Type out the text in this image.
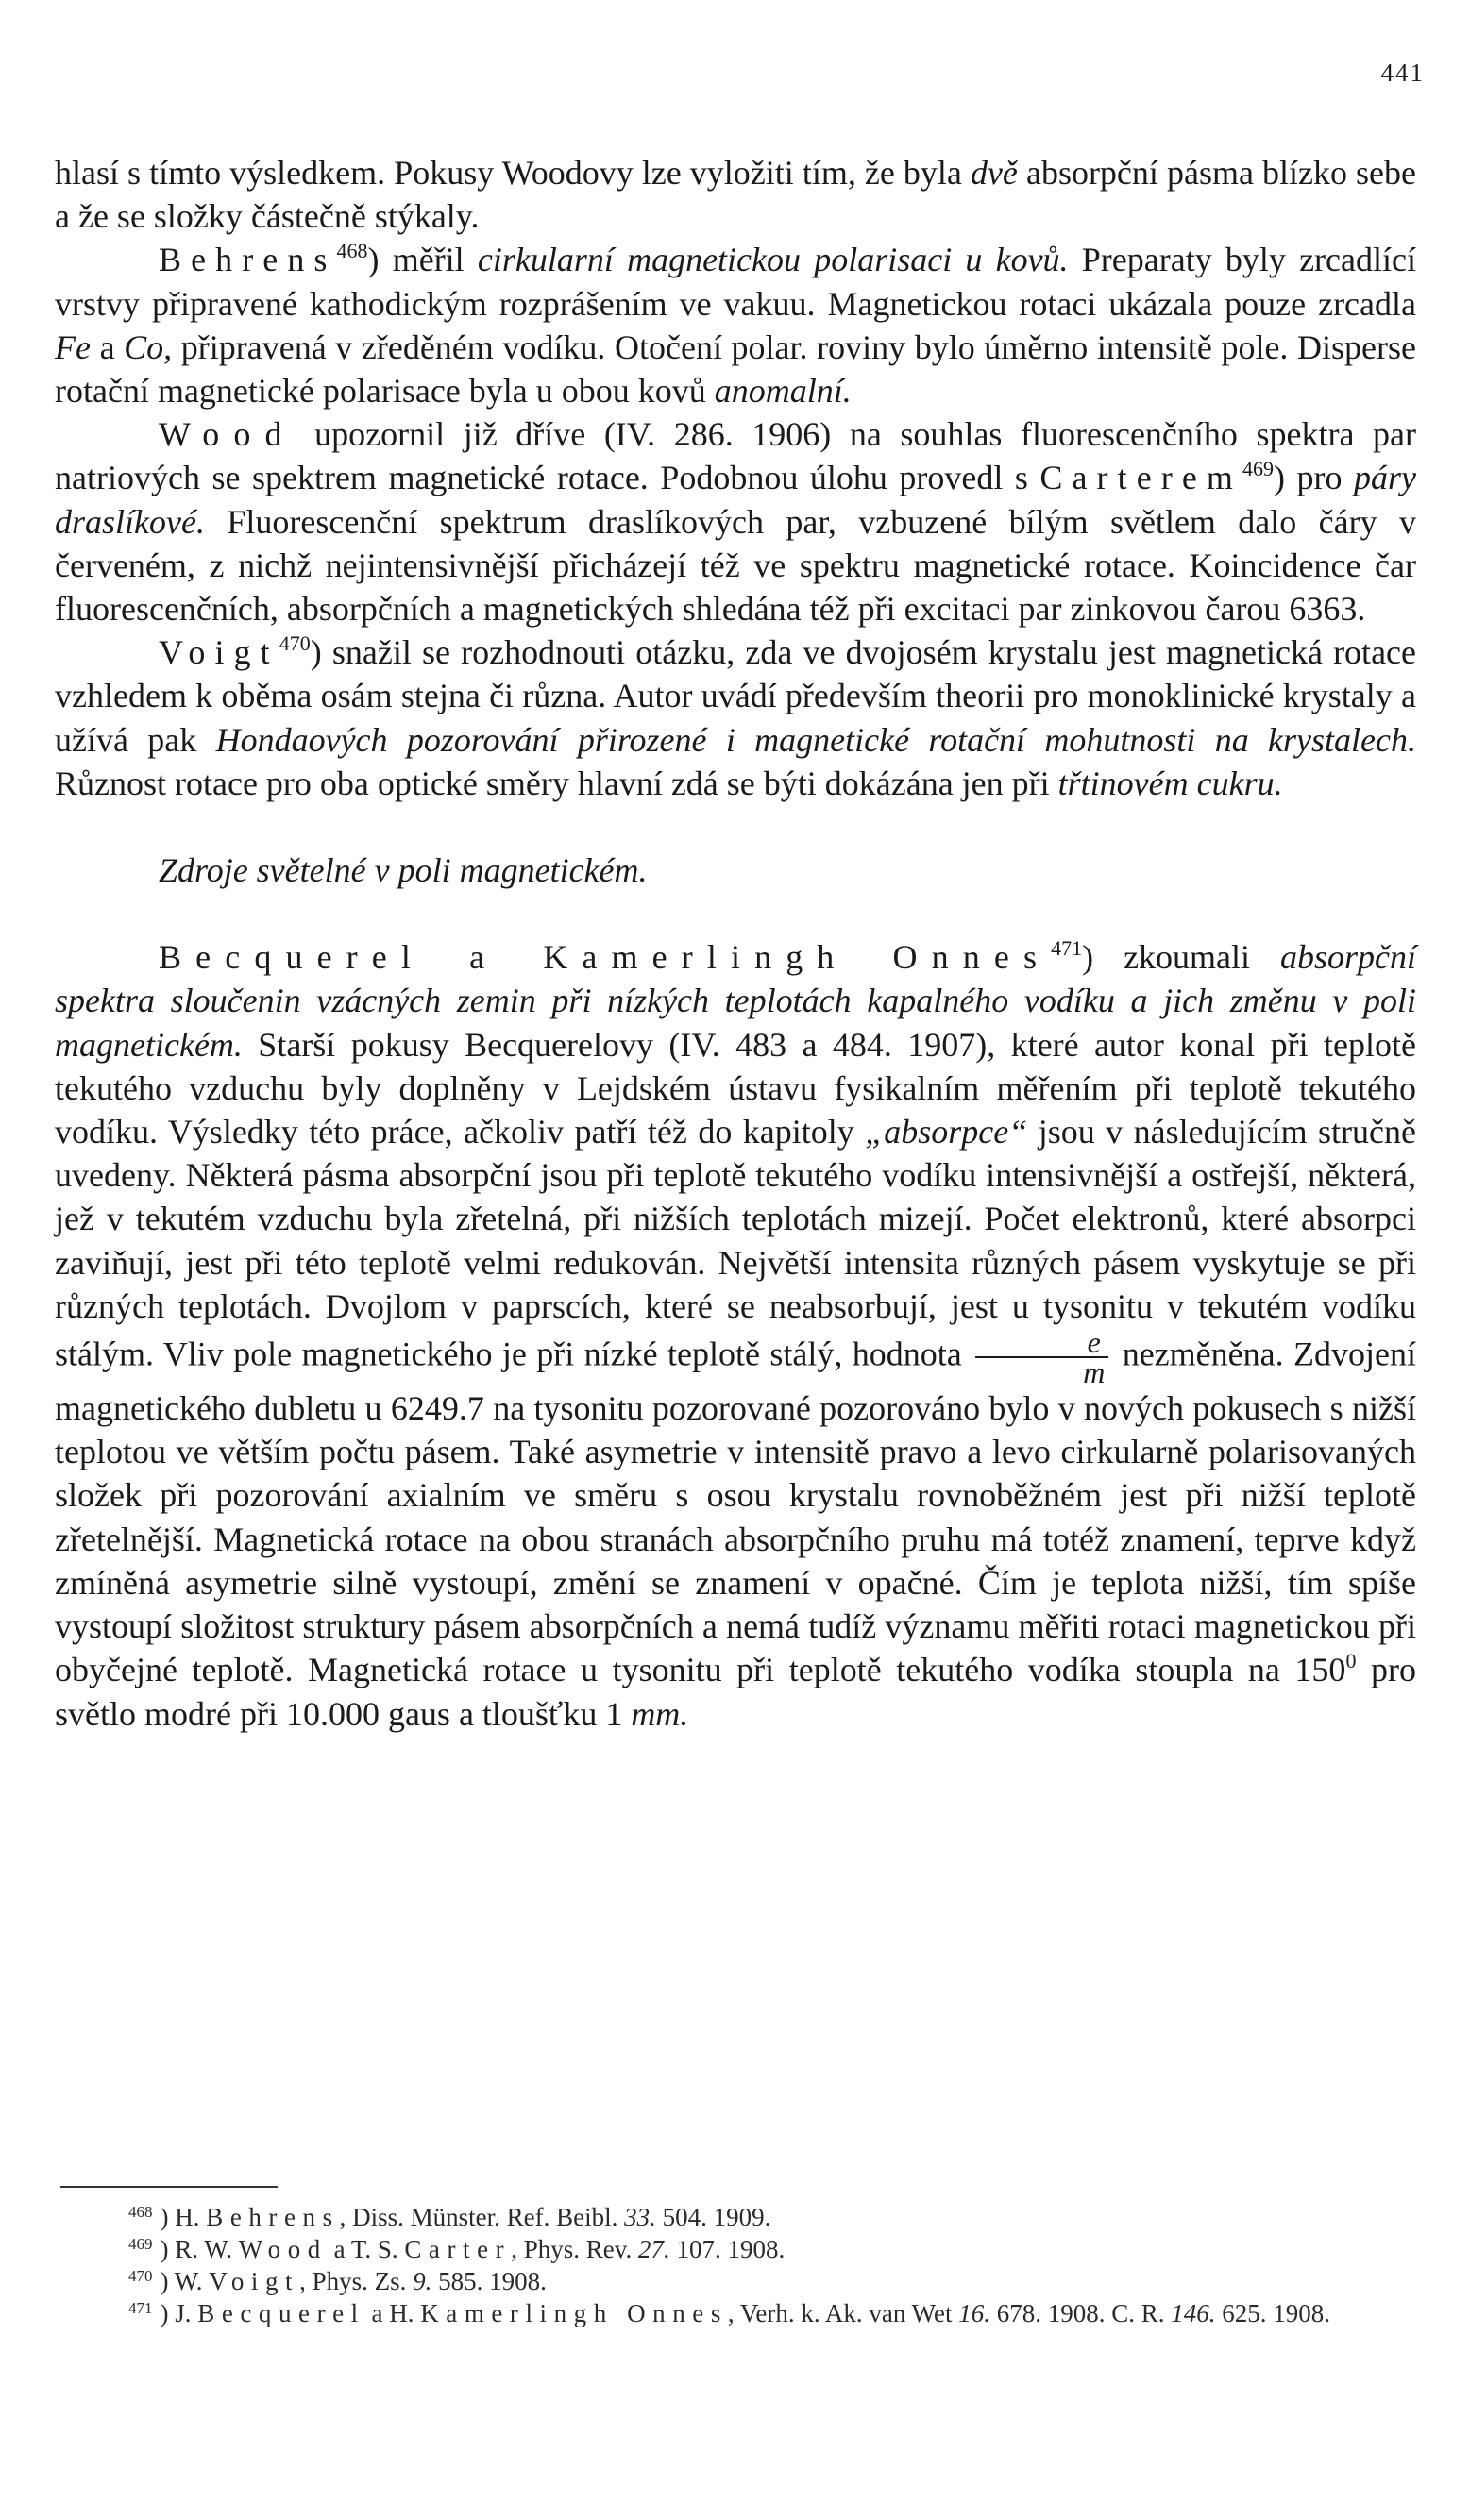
441

hlasí s tímto výsledkem. Pokusy Woodovy lze vyložiti tím, že byla dvě absorpční pásma blízko sebe a že se složky částečně stýkaly.

Behrens$^{468}$) měřil cirkularní magnetickou polarisaci u kovů. Preparaty byly zrcadlící vrstvy připravené kathodickým rozprášením ve vakuu. Magnetickou rotaci ukázala pouze zrcadla Fe a Co, připravená v zředěném vodíku. Otočení polar. roviny bylo úměrno intensitě pole. Disperse rotační magnetické polarisace byla u obou kovů anomalní.

Wood upozornil již dříve (IV. 286. 1906) na souhlas fluorescenčního spektra par natriových se spektrem magnetické rotace. Podobnou úlohu provedl s Carterem$^{469}$) pro páry draslíkové. Fluorescenční spektrum draslíkových par, vzbuzené bílým světlem dalo čáry v červeném, z nichž nejintensivnější přicházejí též ve spektru magnetické rotace. Koincidence čar fluorescenčních, absorpčních a magnetických shledána též při excitaci par zinkovou čarou 6363.

Voigt$^{470}$) snažil se rozhodnouti otázku, zda ve dvojosém krystalu jest magnetická rotace vzhledem k oběma osám stejna či různa. Autor uvádí především theorii pro monoklinické krystaly a užívá pak Hondaových pozorování přirozené i magnetické rotační mohutnosti na krystalech. Různost rotace pro oba optické směry hlavní zdá se býti dokázána jen při třtinovém cukru.

Zdroje světelné v poli magnetickém.

Becquerel a Kamerlingh Onnes$^{471}$) zkoumali absorpční spektra sloučenin vzácných zemin při nízkých teplotách kapalného vodíku a jich změnu v poli magnetickém. Starší pokusy Becquerelovy (IV. 483 a 484. 1907), které autor konal při teplotě tekutého vzduchu byly doplněny v Lejdském ústavu fysikalním měřením při teplotě tekutého vodíku. Výsledky této práce, ačkoliv patří též do kapitoly „absorpce“ jsou v následujícím stručně uvedeny. Některá pásma absorpční jsou při teplotě tekutého vodíku intensivnější a ostřejší, některá, jež v tekutém vzduchu byla zřetelná, při nižších teplotách mizejí. Počet elektronů, které absorpci zaviňují, jest při této teplotě velmi redukován. Největší intensita různých pásem vyskytuje se při různých teplotách. Dvojlom v paprscích, které se neabsorbují, jest u tysonitu v tekutém vodíku stálým. Vliv pole magnetického je při nízké teplotě stálý, hodnota $\frac{e}{m}$ nezměněna. Zdvojení magnetického dubletu u 6249.7 na tysonitu pozorované pozorováno bylo v nových pokusech s nižší teplotou ve větším počtu pásem. Také asymetrie v intensitě pravo a levo cirkularně polarisovaných složek při pozorování axialním ve směru s osou krystalu rovnoběžném jest při nižší teplotě zřetelnější. Magnetická rotace na obou stranách absorpčního pruhu má totéž znamení, teprve když zmíněná asymetrie silně vystoupí, změní se znamení v opačné. Čím je teplota nižší, tím spíše vystoupí složitost struktury pásem absorpčních a nemá tudíž významu měřiti rotaci magnetickou při obyčejné teplotě. Magnetická rotace u tysonitu při teplotě tekutého vodíka stoupla na $150^0$ pro světlo modré při 10.000 gaus a tloušťku 1 mm.

$^{468}$ ) H. Behrens, Diss. Münster. Ref. Beibl. 33. 504. 1909.

$^{469}$ ) R. W. Wood a T. S. Carter, Phys. Rev. 27. 107. 1908.

$^{470}$ ) W. Voigt, Phys. Zs. 9. 585. 1908.

$^{471}$ ) J. Becquerel a H. Kamerlingh Onnes, Verh. k. Ak. van Wet 16. 678. 1908. C. R. 146. 625. 1908.
